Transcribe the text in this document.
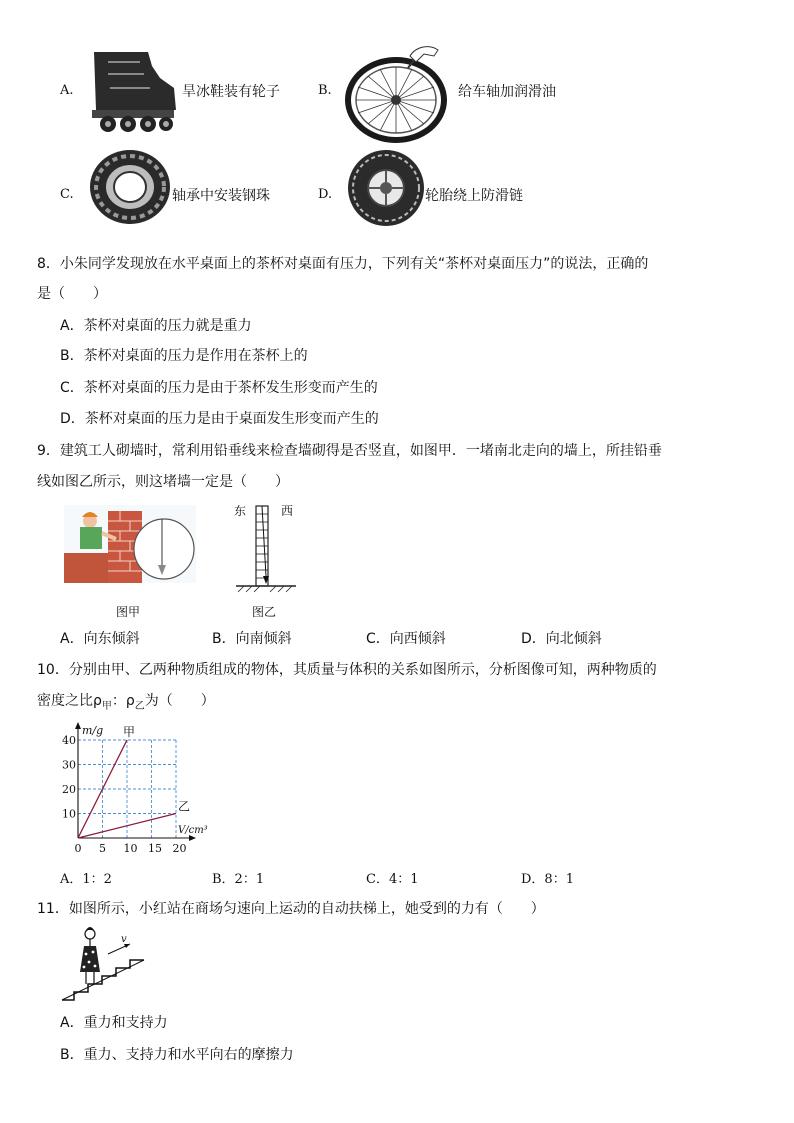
A.	旱冰鞋装有轮子	B.	给车轴加润滑油
C.	轴承中安装钢珠	D.	轮胎绕上防滑链
8．小朱同学发现放在水平桌面上的茶杯对桌面有压力，下列有关“茶杯对桌面压力”的说法，正确的
是（　　）
A．茶杯对桌面的压力就是重力
B．茶杯对桌面的压力是作用在茶杯上的
C．茶杯对桌面的压力是由于茶杯发生形变而产生的
D．茶杯对桌面的压力是由于桌面发生形变而产生的
9．建筑工人砌墙时，常利用铅垂线来检查墙砌得是否竖直，如图甲．一堵南北走向的墙上，所挂铅垂
线如图乙所示，则这堵墙一定是（　　）
图甲
东	西
图乙
A．向东倾斜	B．向南倾斜	C．向西倾斜	D．向北倾斜
10．分别由甲、乙两种物质组成的物体，其质量与体积的关系如图所示，分析图像可知，两种物质的
密度之比$\rho_甲$：$\rho_乙$为（　　）
甲
乙
0 5 10 15 20
10
20
30
40
m/g
V/cm³
A．1：2	B．2：1	C．4：1	D．8：1
11．如图所示，小红站在商场匀速向上运动的自动扶梯上，她受到的力有（　　）
v
A．重力和支持力
B．重力、支持力和水平向右的摩擦力
